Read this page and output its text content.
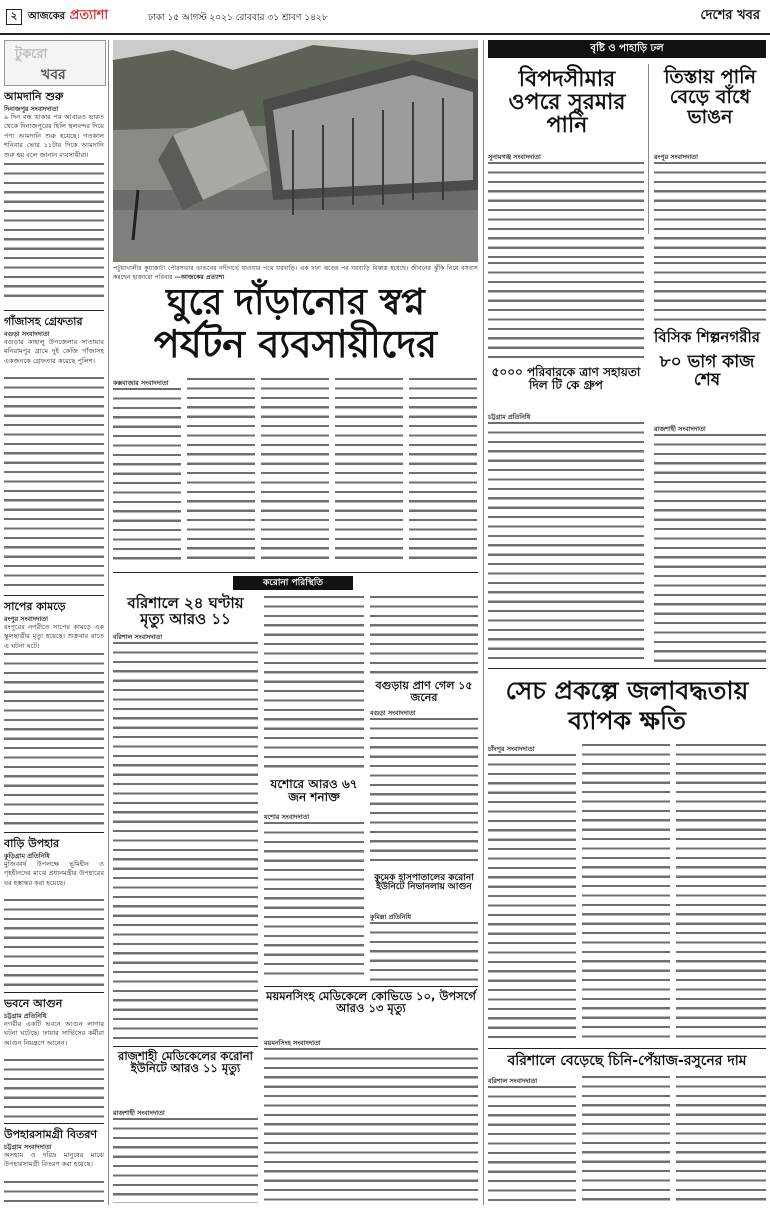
২	আজকের প্রত্যাশা	ঢাকা ১৫ আগস্ট ২০২১ রোববার ৩১ শ্রাবণ ১৪২৮	দেশের খবর
টুকরো
খবর
আমদানি শুরু
দিনাজপুর সংবাদদাতা
৯ দিন বন্ধ থাকার পর আবারও ভারত থেকে দিনাজপুরের হিলি স্থলবন্দর দিয়ে পণ্য আমদানি শুরু হয়েছে। গতকাল শনিবার ভোর ১১টার দিকে আমদানি শুরু হয় বলে জানান ব্যবসায়ীরা।
গাঁজাসহ গ্রেফতার
বগুড়া সংবাদদাতা
বগুড়ার কাহালু উপজেলার সাতায়ার মনিরামপুর গ্রামে দুই কেজি গাঁজাসহ একজনকে গ্রেফতার করেছে পুলিশ।
সাপের কামড়ে
রংপুর সংবাদদাতা
রংপুরের নগরীতে সাপের কামড়ে এক স্কুলছাত্রীর মৃত্যু হয়েছে। শুক্রবার রাতে এ ঘটনা ঘটে।
বাড়ি উপহার
কুড়িগ্রাম প্রতিনিধি
মুজিববর্ষ উপলক্ষে ভূমিহীন ও গৃহহীনদের মাঝে প্রধানমন্ত্রীর উপহারের ঘর হস্তান্তর করা হয়েছে।
ভবনে আগুন
চট্টগ্রাম প্রতিনিধি
নগরীর একটি ভবনে আগুন লাগার ঘটনা ঘটেছে। ফায়ার সার্ভিসের কর্মীরা আগুন নিয়ন্ত্রণে আনেন।
উপহারসামগ্রী বিতরণ
চট্টগ্রাম সংবাদদাতা
অসহায় ও দরিদ্র মানুষের মাঝে উপহারসামগ্রী বিতরণ করা হয়েছে।
পটুয়াখালীর কুয়াকাটা পৌরসভার ভাঙনের নদীগর্ভে যাওয়ার পথে ঘরবাড়ি। এক দফা ঝড়ের পর ঘরবাড়ি বিধ্বস্ত হয়েছে। জীবনের ঝুঁকি নিয়ে বসবাস করছেন হাজারো পরিবার —আজকের প্রত্যাশা
ঘুরে দাঁড়ানোর স্বপ্ন
পর্যটন ব্যবসায়ীদের
কক্সবাজার সংবাদদাতা
করোনা পরিস্থিতি
বরিশালে ২৪ ঘণ্টায় মৃত্যু আরও ১১
বরিশাল সংবাদদাতা
যশোরে আরও ৬৭ জন শনাক্ত
যশোর সংবাদদাতা
বগুড়ায় প্রাণ গেল ১৫ জনের
বগুড়া সংবাদদাতা
কুমেক হাসপাতালের করোনা ইউনিটে নিভানলায় আগুন
কুমিল্লা প্রতিনিধি
ময়মনসিংহ মেডিকেলে কোভিডে ১০, উপসর্গে আরও ১৩ মৃত্যু
ময়মনসিংহ সংবাদদাতা
রাজশাহী মেডিকেলের করোনা ইউনিটে আরও ১১ মৃত্যু
রাজশাহী সংবাদদাতা
বৃষ্টি ও পাহাড়ি ঢল
বিপদসীমার ওপরে সুরমার পানি
তিস্তায় পানি বেড়ে বাঁধে ভাঙন
সুনামগঞ্জ সংবাদদাতা	রংপুর সংবাদদাতা
৫০০০ পরিবারকে ত্রাণ সহায়তা দিল টি কে গ্রুপ
চট্টগ্রাম প্রতিনিধি
বিসিক শিল্পনগরীর
৮০ ভাগ কাজ শেষ
রাজশাহী সংবাদদাতা
সেচ প্রকল্পে জলাবদ্ধতায়
ব্যাপক ক্ষতি
চাঁদপুর সংবাদদাতা
বরিশালে বেড়েছে চিনি-পেঁয়াজ-রসুনের দাম
বরিশাল সংবাদদাতা
